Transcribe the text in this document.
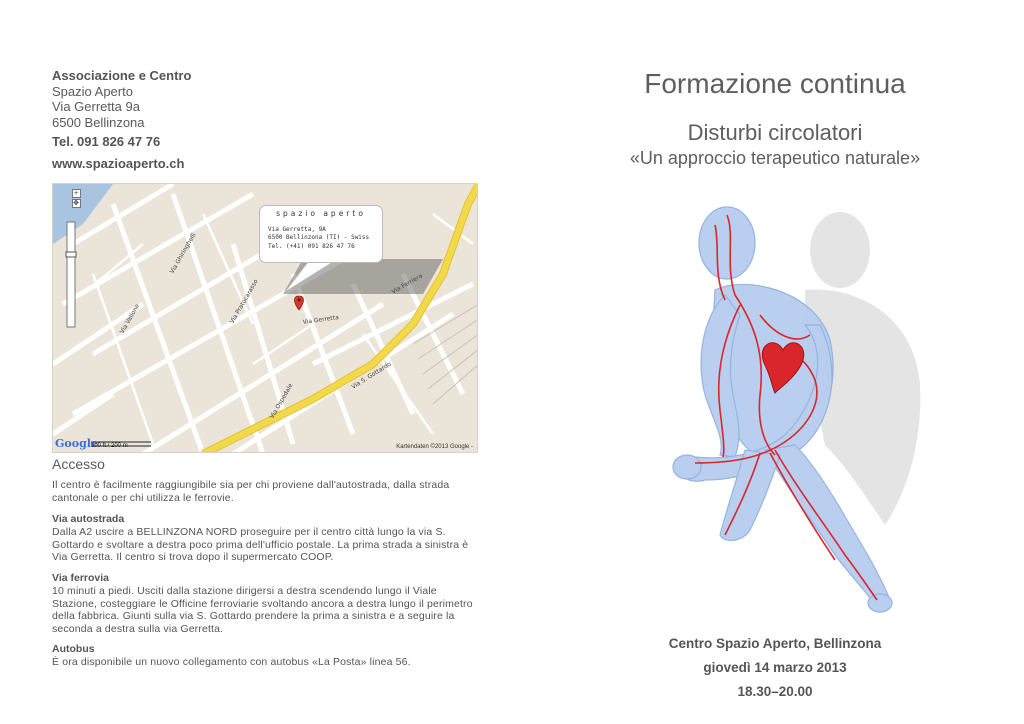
Associazione e Centro
Spazio Aperto
Via Gerretta 9a
6500 Bellinzona
Tel. 091 826 47 76
www.spazioaperto.ch
Via S. Gottardo
Via Pratocarasso
Via Vallone	Via Gerretta
Via Ospedale
Via Ghiringhelli
Via Ferriera
+
✥
spazio aperto
Via Gerretta, 9A
6500 Bellinzona (TI) - Swiss
Tel. (+41) 091 826 47 76
Google
500 ft / 200 m	Kartendaten ©2013 Google -
Accesso
Il centro è facilmente raggiungibile sia per chi proviene dall'autostrada, dalla strada cantonale o per chi utilizza le ferrovie.
Via autostrada
Dalla A2 uscire a BELLINZONA NORD proseguire per il centro città lungo la via S. Gottardo e svoltare a destra poco prima dell'ufficio postale. La prima strada a sinistra è Via Gerretta. Il centro si trova dopo il supermercato COOP.
Via ferrovia
10 minuti a piedi. Usciti dalla stazione dirigersi a destra scendendo lungo il Viale Stazione, costeggiare le Officine ferroviarie svoltando ancora a destra lungo il perimetro della fabbrica. Giunti sulla via S. Gottardo prendere la prima a sinistra e a seguire la seconda a destra sulla via Gerretta.
Autobus
È ora disponibile un nuovo collegamento con autobus «La Posta» linea 56.
Formazione continua
Disturbi circolatori
«Un approccio terapeutico naturale»
Centro Spazio Aperto, Bellinzona
giovedì 14 marzo 2013
18.30–20.00
